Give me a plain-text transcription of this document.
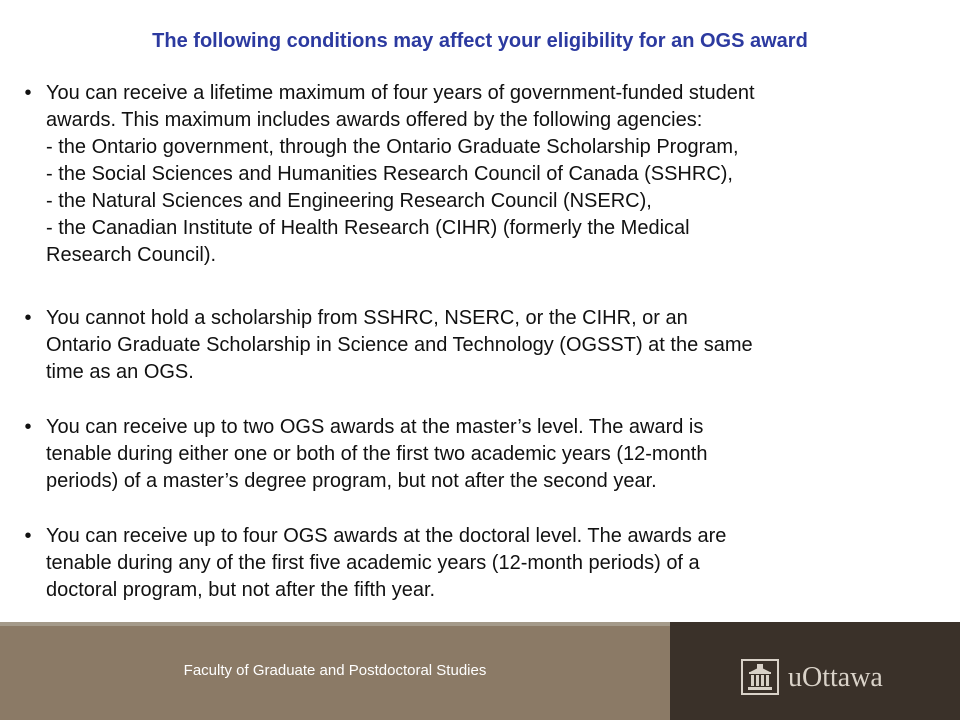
The following conditions may affect your eligibility for an OGS award
• You can receive a lifetime maximum of four years of government-funded student
awards. This maximum includes awards offered by the following agencies:
- the Ontario government, through the Ontario Graduate Scholarship Program,
- the Social Sciences and Humanities Research Council of Canada (SSHRC),
- the Natural Sciences and Engineering Research Council (NSERC),
- the Canadian Institute of Health Research (CIHR) (formerly the Medical
Research Council).
• You cannot hold a scholarship from SSHRC, NSERC, or the CIHR, or an
Ontario Graduate Scholarship in Science and Technology (OGSST) at the same
time as an OGS.
• You can receive up to two OGS awards at the master’s level. The award is
tenable during either one or both of the first two academic years (12-month
periods) of a master’s degree program, but not after the second year.
• You can receive up to four OGS awards at the doctoral level. The awards are
tenable during any of the first five academic years (12-month periods) of a
doctoral program, but not after the fifth year.
Faculty of Graduate and Postdoctoral Studies	uOttawa
